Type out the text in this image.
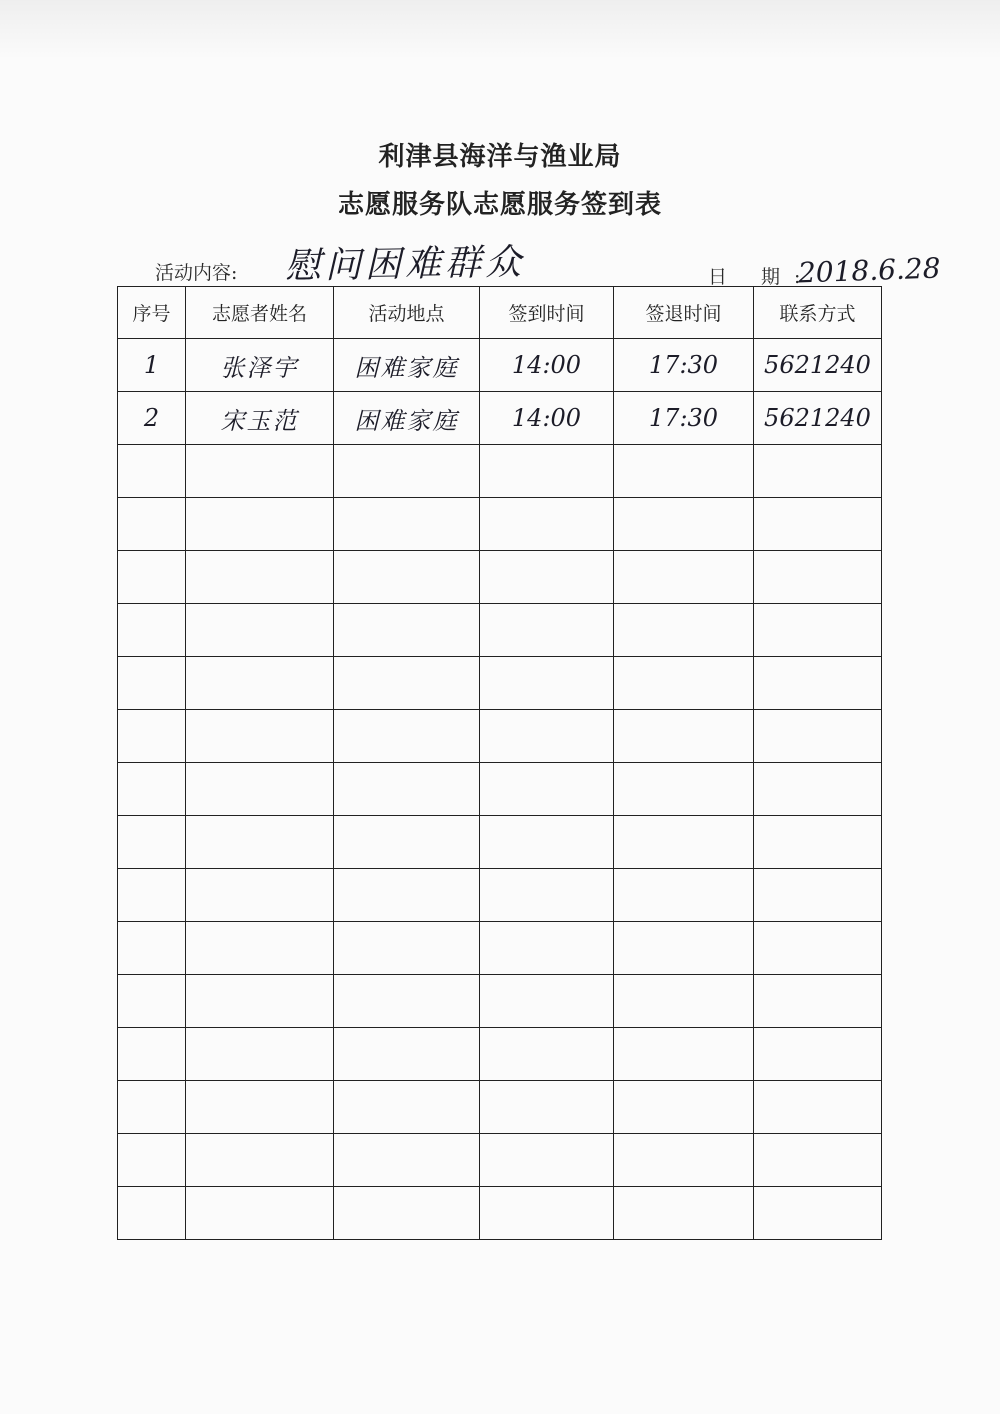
利津县海洋与渔业局
志愿服务队志愿服务签到表
活动内容: 慰问困难群众	日 期:
2018.6.28
序号	志愿者姓名	活动地点	签到时间	签退时间	联系方式
1	张泽宇	困难家庭	14:00	17:30	5621240
2	宋玉范	困难家庭	14:00	17:30	5621240
